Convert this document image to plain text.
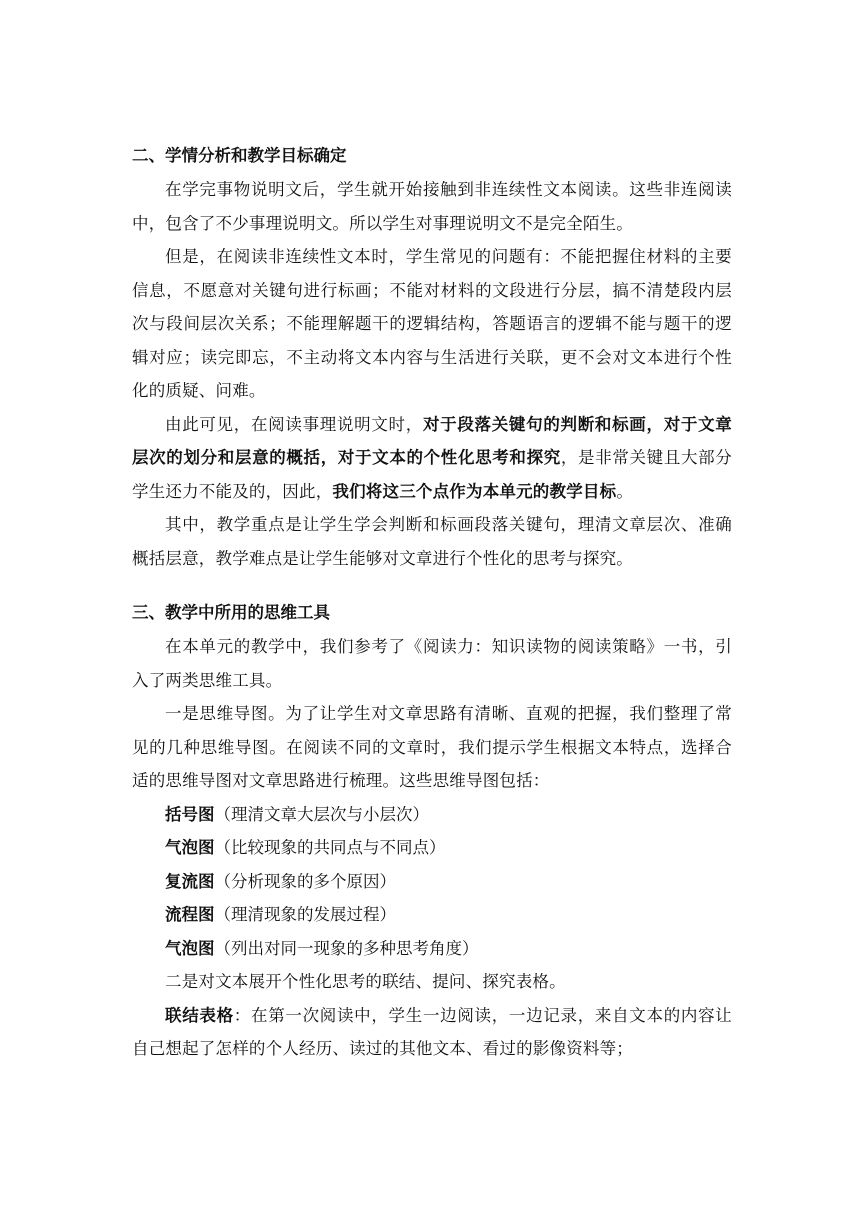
二、学情分析和教学目标确定

在学完事物说明文后，学生就开始接触到非连续性文本阅读。这些非连阅读中，包含了不少事理说明文。所以学生对事理说明文不是完全陌生。

但是，在阅读非连续性文本时，学生常见的问题有：不能把握住材料的主要信息，不愿意对关键句进行标画；不能对材料的文段进行分层，搞不清楚段内层次与段间层次关系；不能理解题干的逻辑结构，答题语言的逻辑不能与题干的逻辑对应；读完即忘，不主动将文本内容与生活进行关联，更不会对文本进行个性化的质疑、问难。

由此可见，在阅读事理说明文时，对于段落关键句的判断和标画，对于文章层次的划分和层意的概括，对于文本的个性化思考和探究，是非常关键且大部分学生还力不能及的，因此，我们将这三个点作为本单元的教学目标。

其中，教学重点是让学生学会判断和标画段落关键句，理清文章层次、准确概括层意，教学难点是让学生能够对文章进行个性化的思考与探究。

三、教学中所用的思维工具

在本单元的教学中，我们参考了《阅读力：知识读物的阅读策略》一书，引入了两类思维工具。

一是思维导图。为了让学生对文章思路有清晰、直观的把握，我们整理了常见的几种思维导图。在阅读不同的文章时，我们提示学生根据文本特点，选择合适的思维导图对文章思路进行梳理。这些思维导图包括：

括号图（理清文章大层次与小层次）

气泡图（比较现象的共同点与不同点）

复流图（分析现象的多个原因）

流程图（理清现象的发展过程）

气泡图（列出对同一现象的多种思考角度）

二是对文本展开个性化思考的联结、提问、探究表格。

联结表格：在第一次阅读中，学生一边阅读，一边记录，来自文本的内容让自己想起了怎样的个人经历、读过的其他文本、看过的影像资料等；
